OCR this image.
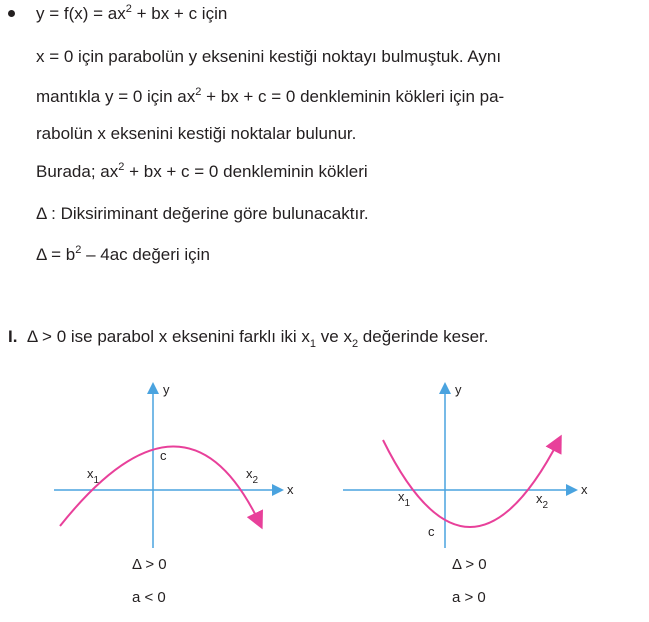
$y = f(x) = ax^2$ + bx + c için
x = 0 için parabolün y eksenini kestiği noktayı bulmuştuk. Aynı
mantıkla y = 0 için $ax^2$ + bx + c = 0 denkleminin kökleri için pa-
rabolün x eksenini kestiği noktalar bulunur.
Burada; $ax^2$ + bx + c = 0 denkleminin kökleri
Δ : Diksiriminant değerine göre bulunacaktır.
$\Delta = b^2 - 4ac$ değeri için
I. Δ > 0 ise parabol x eksenini farklı iki $x_1$ ve $x_2$ değerinde keser.
y
x
c
$x_1$	$x_2$
y
x
c
$x_1$	$x_2$
Δ > 0
a < 0
Δ > 0
a > 0
